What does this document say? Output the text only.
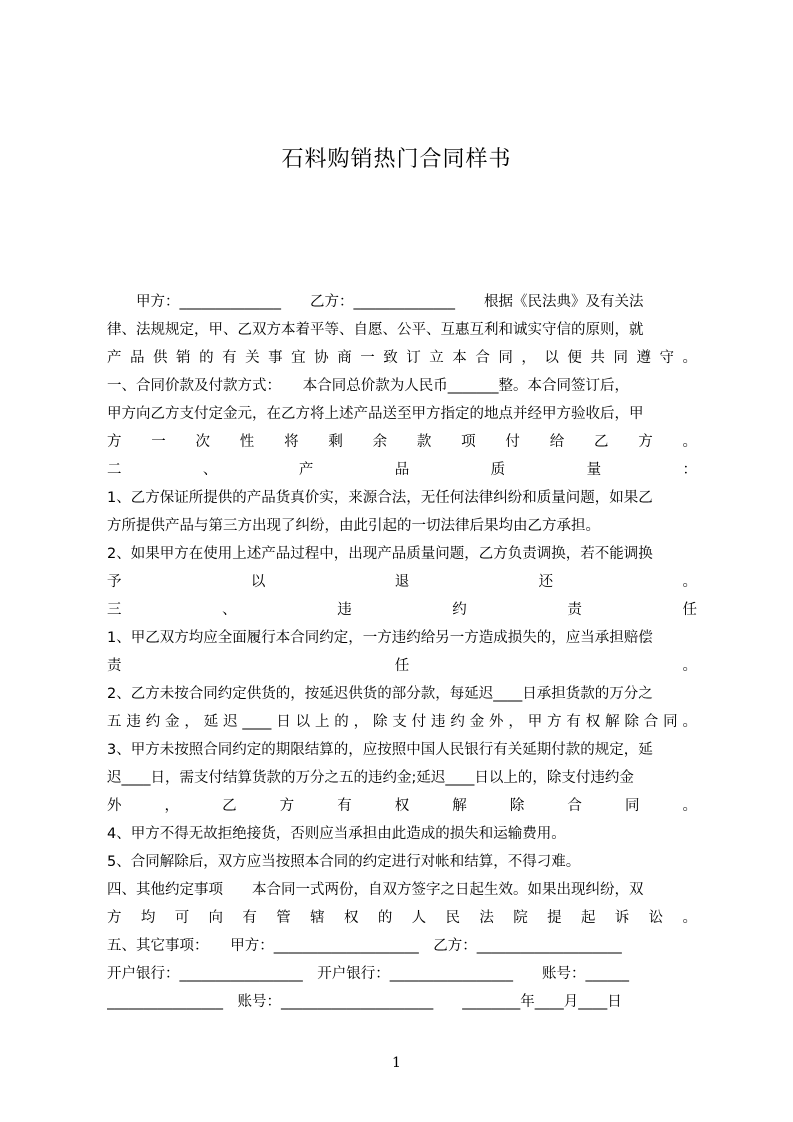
石料购销热门合同样书
　　甲方：______________　　乙方：______________　　根据《民法典》及有关法
律、法规规定，甲、乙双方本着平等、自愿、公平、互惠互利和诚实守信的原则，就
产品供销的有关事宜协商一致订立本合同，以便共同遵守。
一、合同价款及付款方式：　　本合同总价款为人民币_______整。本合同签订后，
甲方向乙方支付定金元，在乙方将上述产品送至甲方指定的地点并经甲方验收后，甲
方一次性将剩余款项付给乙方。
二、产品质量：
1、乙方保证所提供的产品货真价实，来源合法，无任何法律纠纷和质量问题，如果乙
方所提供产品与第三方出现了纠纷，由此引起的一切法律后果均由乙方承担。
2、如果甲方在使用上述产品过程中，出现产品质量问题，乙方负责调换，若不能调换
予以退还。
三、违约责任
1、甲乙双方均应全面履行本合同约定，一方违约给另一方造成损失的，应当承担赔偿
责任。
2、乙方未按合同约定供货的，按延迟供货的部分款，每延迟____日承担货款的万分之
五违约金，延迟____日以上的，除支付违约金外，甲方有权解除合同。
3、甲方未按照合同约定的期限结算的，应按照中国人民银行有关延期付款的规定，延
迟____日，需支付结算货款的万分之五的违约金;延迟____日以上的，除支付违约金
外，乙方有权解除合同。
4、甲方不得无故拒绝接货，否则应当承担由此造成的损失和运输费用。
5、合同解除后，双方应当按照本合同的约定进行对帐和结算，不得刁难。
四、其他约定事项　　本合同一式两份，自双方签字之日起生效。如果出现纠纷，双
方均可向有管辖权的人民法院提起诉讼。
五、其它事项：　　甲方：____________________　乙方：____________________
开户银行：_________________　开户银行：_________________　　账号：______
________________　账号：_____________________　　________年____月____日
1
